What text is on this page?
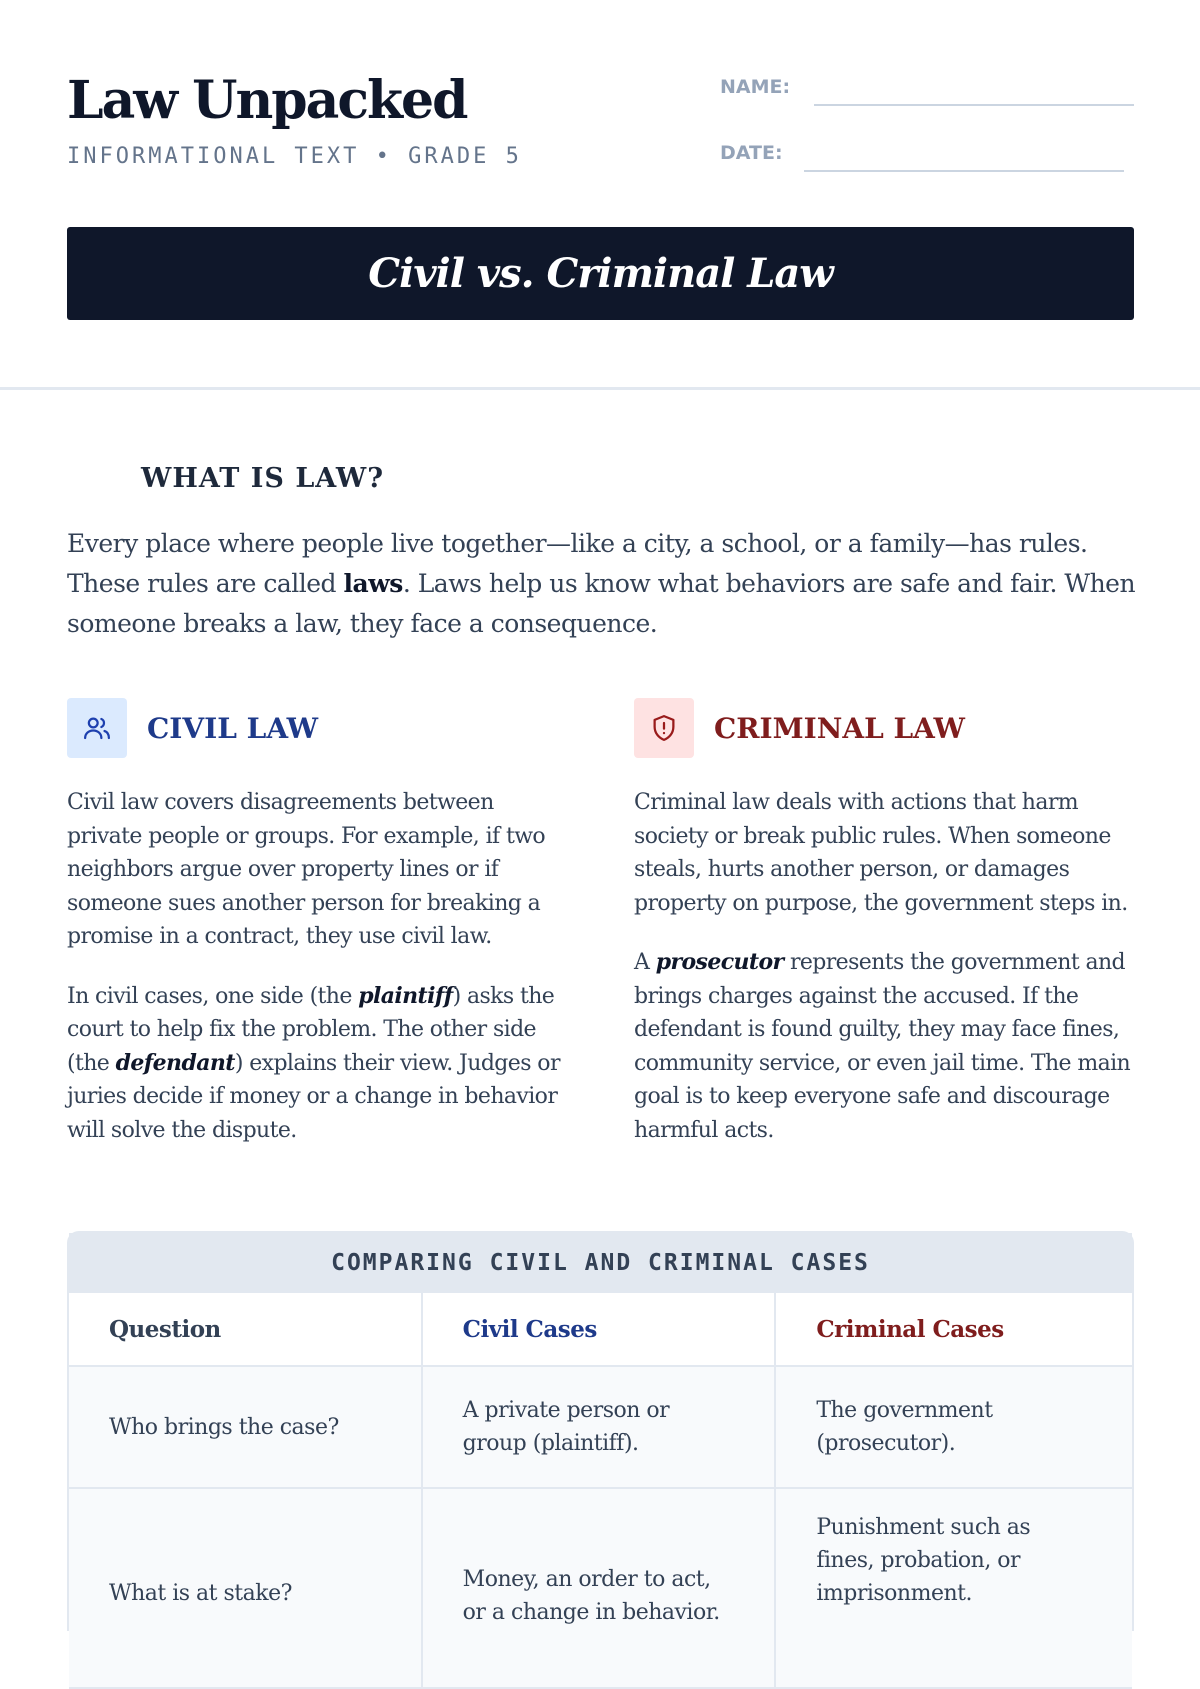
Law Unpacked
INFORMATIONAL TEXT • GRADE 5
NAME:
DATE:
Civil vs. Criminal Law
WHAT IS LAW?

Every place where people live together—like a city, a school, or a family—has rules. These rules are called laws. Laws help us know what behaviors are safe and fair. When someone breaks a law, they face a consequence.

CIVIL LAW

Civil law covers disagreements between private people or groups. For example, if two neighbors argue over property lines or if someone sues another person for breaking a promise in a contract, they use civil law.

In civil cases, one side (the plaintiff) asks the court to help fix the problem. The other side (the defendant) explains their view. Judges or juries decide if money or a change in behavior will solve the dispute.

CRIMINAL LAW

Criminal law deals with actions that harm society or break public rules. When someone steals, hurts another person, or damages property on purpose, the government steps in.

A prosecutor represents the government and brings charges against the accused. If the defendant is found guilty, they may face fines, community service, or even jail time. The main goal is to keep everyone safe and discourage harmful acts.

COMPARING CIVIL AND CRIMINAL CASES
Question	Civil Cases	Criminal Cases
Who brings the case?
A private person or group (plaintiff).
The government (prosecutor).
What is at stake?
Money, an order to act, or a change in behavior.
Punishment such as fines, probation, or imprisonment.
